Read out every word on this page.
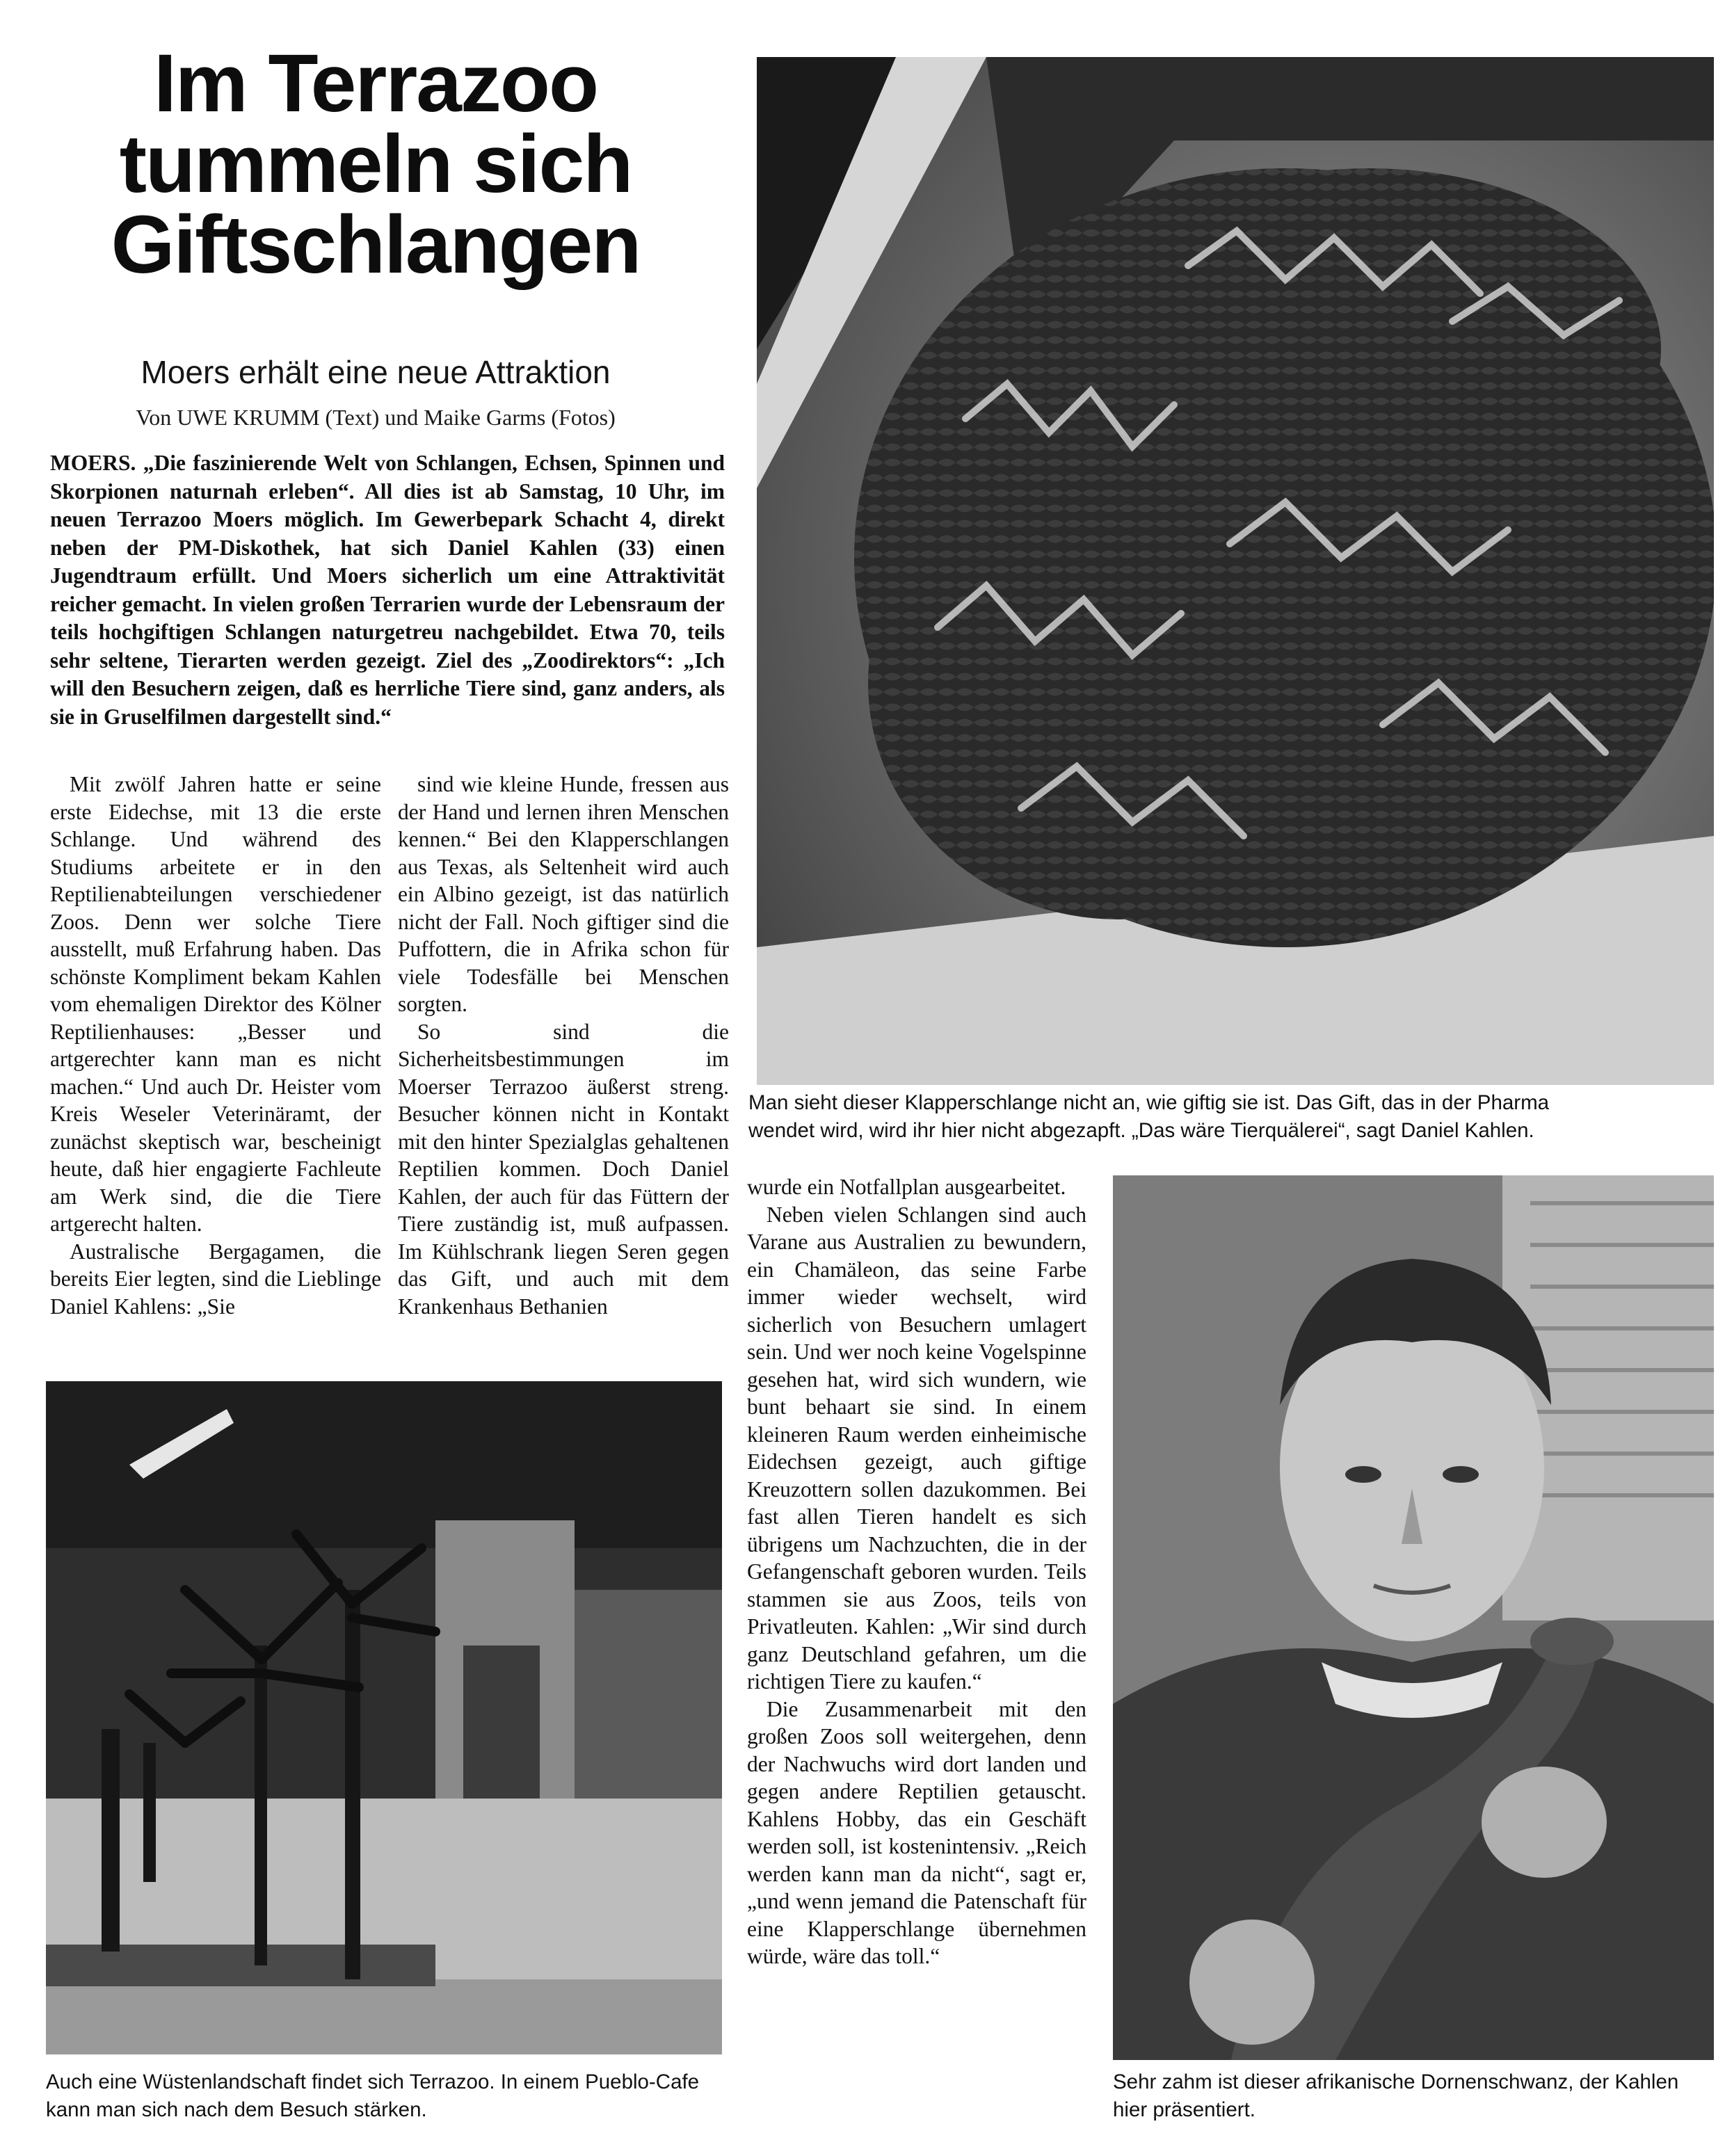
Im Terrazoo
tummeln sich
Giftschlangen
Moers erhält eine neue Attraktion
Von UWE KRUMM (Text) und Maike Garms (Fotos)
MOERS. „Die faszinierende Welt von Schlangen, Echsen, Spinnen und Skorpionen naturnah erleben“. All dies ist ab Samstag, 10 Uhr, im neuen Terrazoo Moers möglich. Im Gewerbepark Schacht 4, direkt neben der PM-Diskothek, hat sich Daniel Kahlen (33) einen Jugendtraum erfüllt. Und Moers sicherlich um eine Attraktivität reicher gemacht. In vielen großen Terrarien wurde der Lebensraum der teils hochgiftigen Schlangen naturgetreu nachgebildet. Etwa 70, teils sehr seltene, Tierarten werden gezeigt. Ziel des „Zoodirektors“: „Ich will den Besuchern zeigen, daß es herrliche Tiere sind, ganz anders, als sie in Gruselfilmen dargestellt sind.“

Mit zwölf Jahren hatte er seine erste Eidechse, mit 13 die erste Schlange. Und während des Studiums arbeitete er in den Reptilienabteilungen verschiedener Zoos. Denn wer solche Tiere ausstellt, muß Erfahrung haben. Das schönste Kompliment bekam Kahlen vom ehemaligen Direktor des Kölner Reptilienhauses: „Besser und artgerechter kann man es nicht machen.“ Und auch Dr. Heister vom Kreis Weseler Veterinäramt, der zunächst skeptisch war, bescheinigt heute, daß hier engagierte Fachleute am Werk sind, die die Tiere artgerecht halten.

Australische Bergagamen, die bereits Eier legten, sind die Lieblinge Daniel Kahlens: „Sie

sind wie kleine Hunde, fressen aus der Hand und lernen ihren Menschen kennen.“ Bei den Klapperschlangen aus Texas, als Seltenheit wird auch ein Albino gezeigt, ist das natürlich nicht der Fall. Noch giftiger sind die Puffottern, die in Afrika schon für viele Todesfälle bei Menschen sorgten.

So sind die Sicherheitsbestimmungen im Moerser Terrazoo äußerst streng. Besucher können nicht in Kontakt mit den hinter Spezialglas gehaltenen Reptilien kommen. Doch Daniel Kahlen, der auch für das Füttern der Tiere zuständig ist, muß aufpassen. Im Kühlschrank liegen Seren gegen das Gift, und auch mit dem Krankenhaus Bethanien

wurde ein Notfallplan ausgearbeitet.

Neben vielen Schlangen sind auch Varane aus Australien zu bewundern, ein Chamäleon, das seine Farbe immer wieder wechselt, wird sicherlich von Besuchern umlagert sein. Und wer noch keine Vogelspinne gesehen hat, wird sich wundern, wie bunt behaart sie sind. In einem kleineren Raum werden einheimische Eidechsen gezeigt, auch giftige Kreuzottern sollen dazukommen. Bei fast allen Tieren handelt es sich übrigens um Nachzuchten, die in der Gefangenschaft geboren wurden. Teils stammen sie aus Zoos, teils von Privatleuten. Kahlen: „Wir sind durch ganz Deutschland gefahren, um die richtigen Tiere zu kaufen.“

Die Zusammenarbeit mit den großen Zoos soll weitergehen, denn der Nachwuchs wird dort landen und gegen andere Reptilien getauscht. Kahlens Hobby, das ein Geschäft werden soll, ist kostenintensiv. „Reich werden kann man da nicht“, sagt er, „und wenn jemand die Patenschaft für eine Klapperschlange übernehmen würde, wäre das toll.“

Man sieht dieser Klapperschlange nicht an, wie giftig sie ist. Das Gift, das in der Pharma
wendet wird, wird ihr hier nicht abgezapft. „Das wäre Tierquälerei“, sagt Daniel Kahlen.
Auch eine Wüstenlandschaft findet sich Terrazoo. In einem Pueblo-Cafe kann man sich nach dem Besuch stärken.
Sehr zahm ist dieser afrikanische Dornenschwanz, der Kahlen hier präsentiert.
